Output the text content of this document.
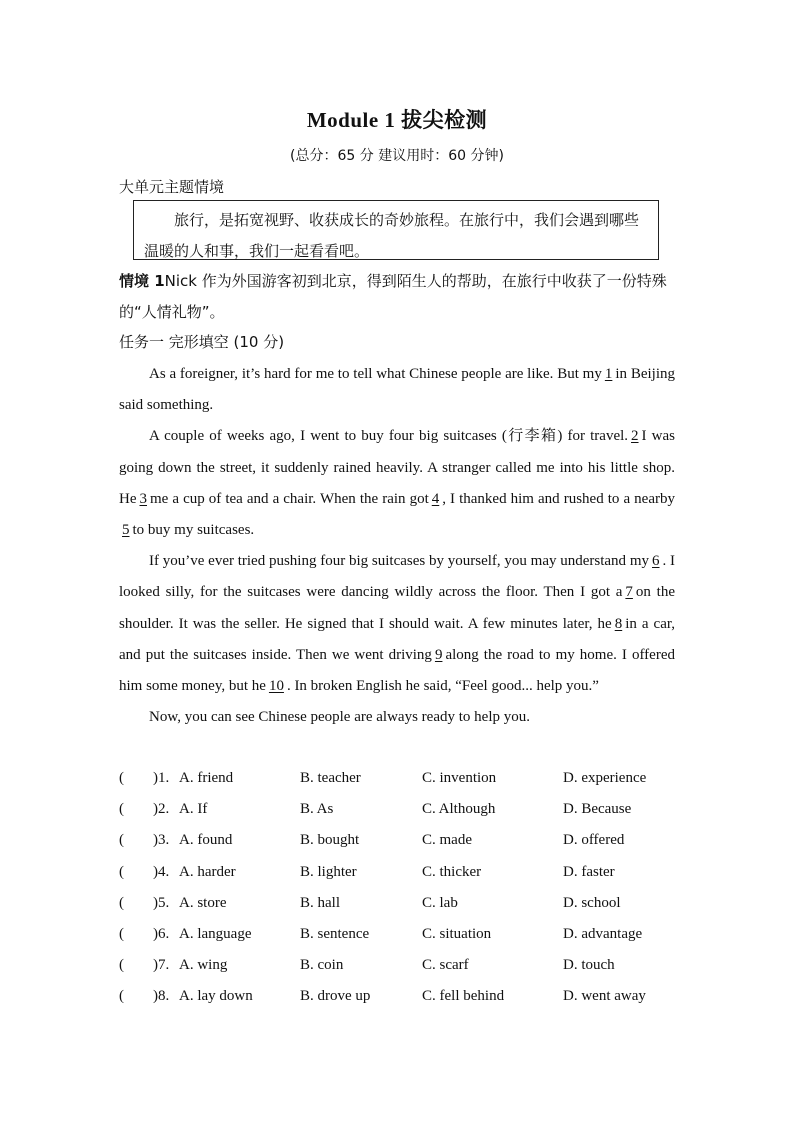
Module 1 拔尖检测
(总分：65 分 建议用时：60 分钟)
大单元主题情境
旅行，是拓宽视野、收获成长的奇妙旅程。在旅行中，我们会遇到哪些温暖的人和事，我们一起看看吧。
情境 1Nick 作为外国游客初到北京，得到陌生人的帮助，在旅行中收获了一份特殊的“人情礼物”。
任务一 完形填空 (10 分)

As a foreigner, it’s hard for me to tell what Chinese people are like. But my1in Beijing said something.

A couple of weeks ago, I went to buy four big suitcases (行李箱) for travel.2I was going down the street, it suddenly rained heavily. A stranger called me into his little shop. He3me a cup of tea and a chair. When the rain got4, I thanked him and rushed to a nearby5to buy my suitcases.

If you’ve ever tried pushing four big suitcases by yourself, you may understand my6. I looked silly, for the suitcases were dancing wildly across the floor. Then I got a 7 on the shoulder. It was the seller. He signed that I should wait. A few minutes later, he8in a car, and put the suitcases inside. Then we went driving9along the road to my home. I offered him some money, but he10. In broken English he said, “Feel good... help you.”

Now, you can see Chinese people are always ready to help you.

( )1. A. friend	B. teacher	C. invention	D. experience
( )2. A. If	B. As	C. Although	D. Because
( )3. A. found	B. bought	C. made	D. offered
( )4. A. harder	B. lighter	C. thicker	D. faster
( )5. A. store	B. hall	C. lab	D. school
( )6. A. language	B. sentence	C. situation	D. advantage
( )7. A. wing	B. coin	C. scarf	D. touch
( )8. A. lay down	B. drove up	C. fell behind	D. went away
